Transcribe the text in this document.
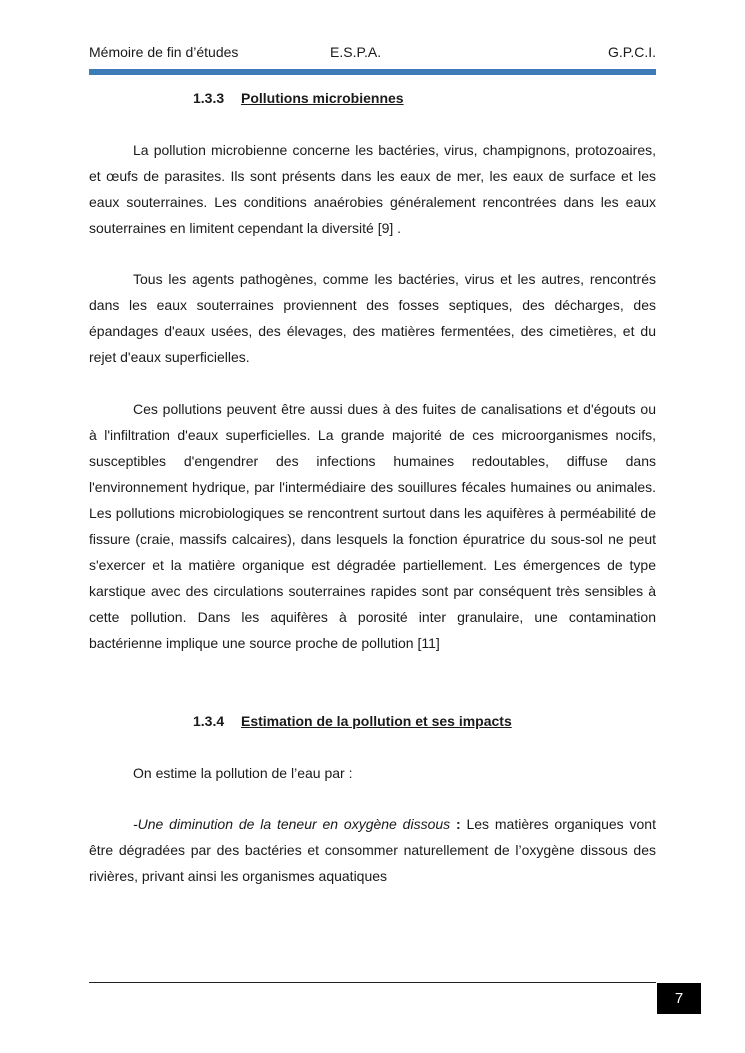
Mémoire de fin d’études	E.S.P.A.	G.P.C.I.
1.3.3 Pollutions microbiennes

La pollution microbienne concerne les bactéries, virus, champignons, protozoaires, et œufs de parasites. Ils sont présents dans les eaux de mer, les eaux de surface et les eaux souterraines. Les conditions anaérobies généralement rencontrées dans les eaux souterraines en limitent cependant la diversité [9] .

Tous les agents pathogènes, comme les bactéries, virus et les autres, rencontrés dans les eaux souterraines proviennent des fosses septiques, des décharges, des épandages d'eaux usées, des élevages, des matières fermentées, des cimetières, et du rejet d'eaux superficielles.

Ces pollutions peuvent être aussi dues à des fuites de canalisations et d'égouts ou à l'infiltration d'eaux superficielles. La grande majorité de ces microorganismes nocifs, susceptibles d'engendrer des infections humaines redoutables, diffuse dans l'environnement hydrique, par l'intermédiaire des souillures fécales humaines ou animales. Les pollutions microbiologiques se rencontrent surtout dans les aquifères à perméabilité de fissure (craie, massifs calcaires), dans lesquels la fonction épuratrice du sous-sol ne peut s'exercer et la matière organique est dégradée partiellement. Les émergences de type karstique avec des circulations souterraines rapides sont par conséquent très sensibles à cette pollution. Dans les aquifères à porosité inter granulaire, une contamination bactérienne implique une source proche de pollution [11]

1.3.4 Estimation de la pollution et ses impacts

On estime la pollution de l’eau par :

-Une diminution de la teneur en oxygène dissous : Les matières organiques vont être dégradées par des bactéries et consommer naturellement de l’oxygène dissous des rivières, privant ainsi les organismes aquatiques

7
